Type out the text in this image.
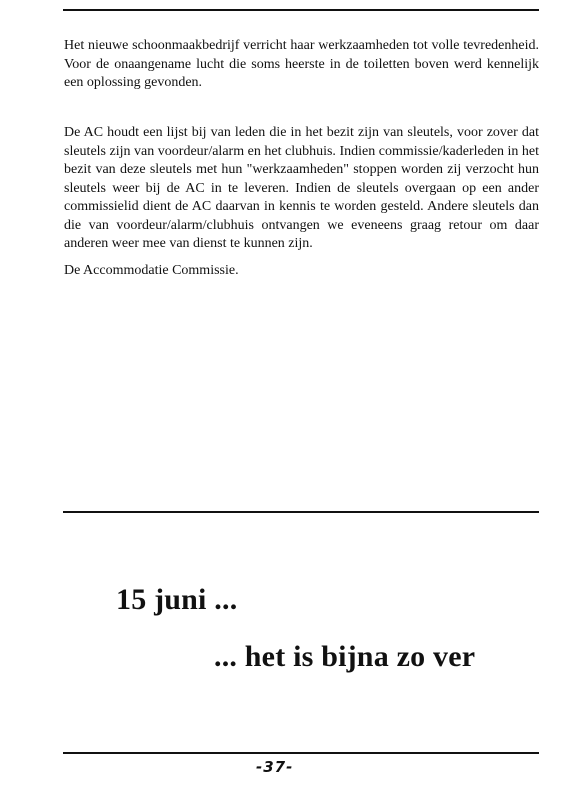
Het nieuwe schoonmaakbedrijf verricht haar werkzaamheden tot volle tevredenheid. Voor de onaangename lucht die soms heerste in de toiletten boven werd kennelijk een oplossing gevonden.

De AC houdt een lijst bij van leden die in het bezit zijn van sleutels, voor zover dat sleutels zijn van voordeur/alarm en het clubhuis. Indien commissie/kaderleden in het bezit van deze sleutels met hun "werkzaamheden" stoppen worden zij verzocht hun sleutels weer bij de AC in te leveren. Indien de sleutels overgaan op een ander commissielid dient de AC daarvan in kennis te worden gesteld. Andere sleutels dan die van voordeur/alarm/clubhuis ontvangen we eveneens graag retour om daar anderen weer mee van dienst te kunnen zijn.

De Accommodatie Commissie.

15 juni ...
... het is bijna zo ver
-37-
